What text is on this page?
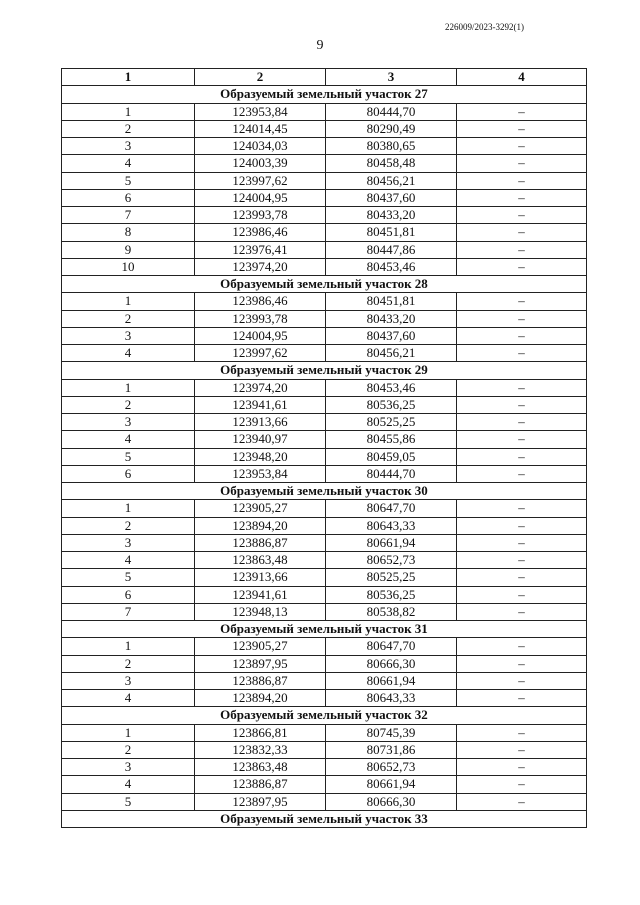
226009/2023-3292(1)
9
1	2	3	4
Образуемый земельный участок 27			
1	123953,84	80444,70	–
2	124014,45	80290,49	–
3	124034,03	80380,65	–
4	124003,39	80458,48	–
5	123997,62	80456,21	–
6	124004,95	80437,60	–
7	123993,78	80433,20	–
8	123986,46	80451,81	–
9	123976,41	80447,86	–
10	123974,20	80453,46	–
Образуемый земельный участок 28			
1	123986,46	80451,81	–
2	123993,78	80433,20	–
3	124004,95	80437,60	–
4	123997,62	80456,21	–
Образуемый земельный участок 29			
1	123974,20	80453,46	–
2	123941,61	80536,25	–
3	123913,66	80525,25	–
4	123940,97	80455,86	–
5	123948,20	80459,05	–
6	123953,84	80444,70	–
Образуемый земельный участок 30			
1	123905,27	80647,70	–
2	123894,20	80643,33	–
3	123886,87	80661,94	–
4	123863,48	80652,73	–
5	123913,66	80525,25	–
6	123941,61	80536,25	–
7	123948,13	80538,82	–
Образуемый земельный участок 31			
1	123905,27	80647,70	–
2	123897,95	80666,30	–
3	123886,87	80661,94	–
4	123894,20	80643,33	–
Образуемый земельный участок 32			
1	123866,81	80745,39	–
2	123832,33	80731,86	–
3	123863,48	80652,73	–
4	123886,87	80661,94	–
5	123897,95	80666,30	–
Образуемый земельный участок 33			
